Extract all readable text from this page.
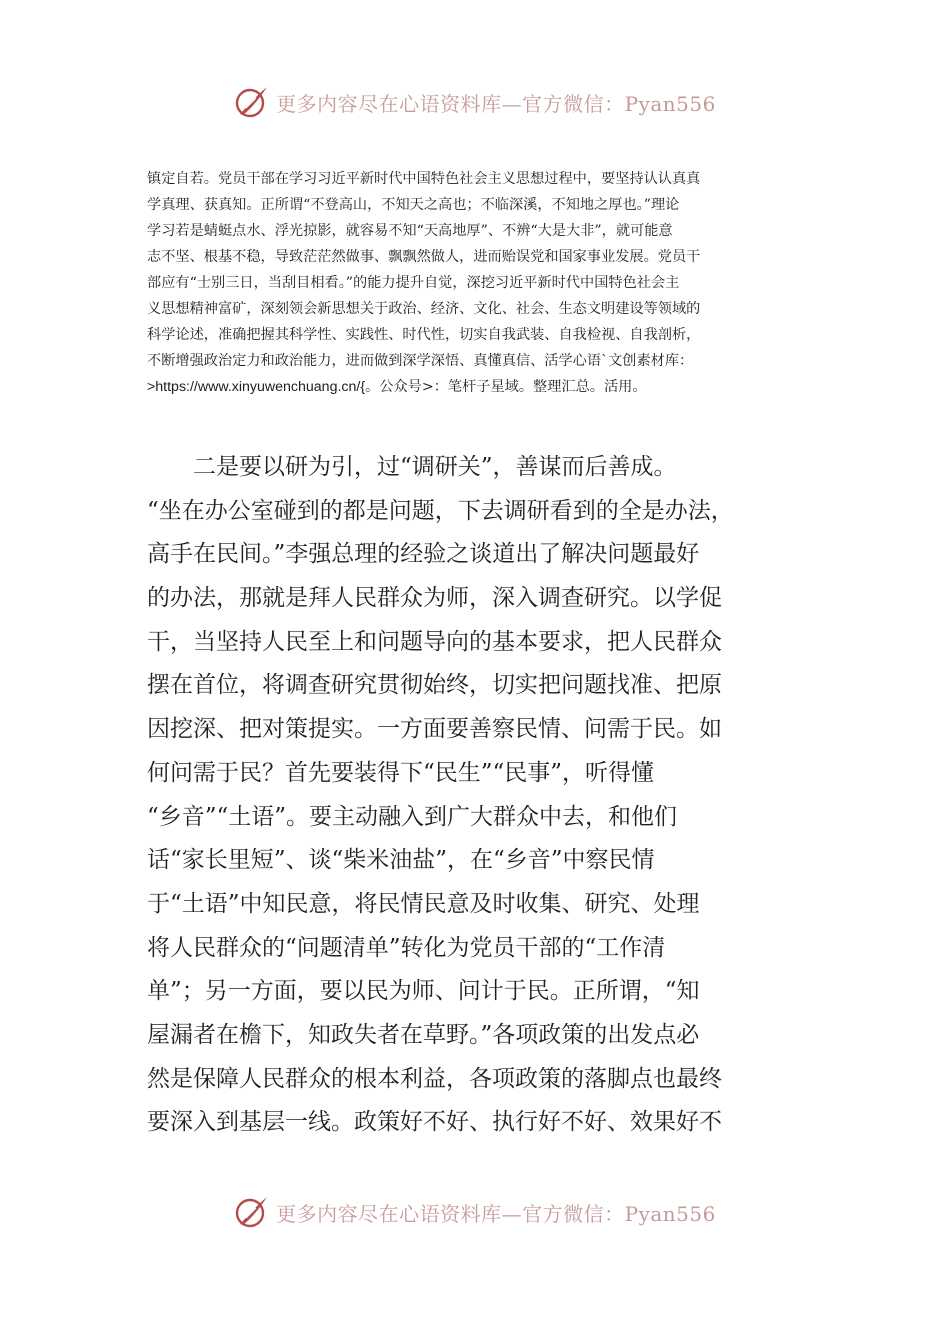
更多内容尽在心语资料库—官方微信：Pyan556
镇定自若。党员干部在学习习近平新时代中国特色社会主义思想过程中，要坚持认认真真
学真理、获真知。正所谓“不登高山，不知天之高也；不临深溪，不知地之厚也。”理论
学习若是蜻蜓点水、浮光掠影，就容易不知“天高地厚”、不辨“大是大非”，就可能意
志不坚、根基不稳，导致茫茫然做事、飘飘然做人，进而贻误党和国家事业发展。党员干
部应有“士别三日，当刮目相看。”的能力提升自觉，深挖习近平新时代中国特色社会主
义思想精神富矿，深刻领会新思想关于政治、经济、文化、社会、生态文明建设等领域的
科学论述，准确把握其科学性、实践性、时代性，切实自我武装、自我检视、自我剖析，
不断增强政治定力和政治能力，进而做到深学深悟、真懂真信、活学心语`文创素材库：
>https://www.xinyuwenchuang.cn/{。公众号>：笔杆子星域。整理汇总。活用。
　　二是要以研为引，过“调研关”，善谋而后善成。
“坐在办公室碰到的都是问题，下去调研看到的全是办法，
高手在民间。”李强总理的经验之谈道出了解决问题最好
的办法，那就是拜人民群众为师，深入调查研究。以学促
干，当坚持人民至上和问题导向的基本要求，把人民群众
摆在首位，将调查研究贯彻始终，切实把问题找准、把原
因挖深、把对策提实。一方面要善察民情、问需于民。如
何问需于民？首先要装得下“民生”“民事”，听得懂
“乡音”“土语”。要主动融入到广大群众中去，和他们
话“家长里短”、谈“柴米油盐”，在“乡音”中察民情
于“土语”中知民意，将民情民意及时收集、研究、处理
将人民群众的“问题清单”转化为党员干部的“工作清
单”；另一方面，要以民为师、问计于民。正所谓，“知
屋漏者在檐下，知政失者在草野。”各项政策的出发点必
然是保障人民群众的根本利益，各项政策的落脚点也最终
要深入到基层一线。政策好不好、执行好不好、效果好不
更多内容尽在心语资料库—官方微信：Pyan556
